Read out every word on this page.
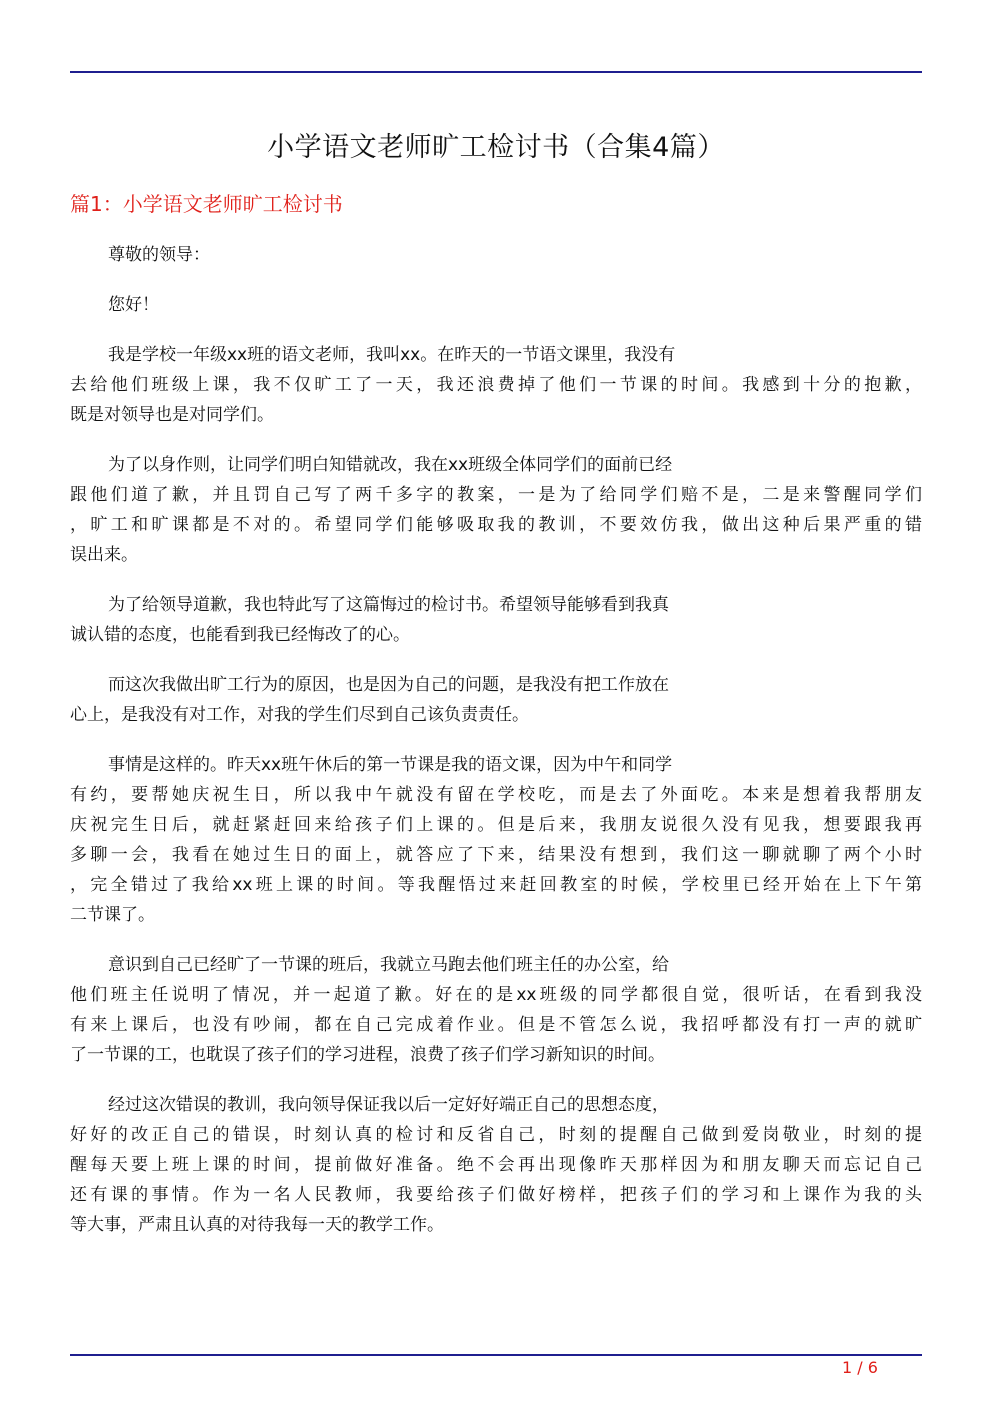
小学语文老师旷工检讨书（合集4篇）
篇1：小学语文老师旷工检讨书
尊敬的领导：
您好！
我是学校一年级xx班的语文老师，我叫xx。在昨天的一节语文课里，我没有
去给他们班级上课，我不仅旷工了一天，我还浪费掉了他们一节课的时间。我感到十分的抱歉，
既是对领导也是对同学们。
为了以身作则，让同学们明白知错就改，我在xx班级全体同学们的面前已经
跟他们道了歉，并且罚自己写了两千多字的教案，一是为了给同学们赔不是，二是来警醒同学们
，旷工和旷课都是不对的。希望同学们能够吸取我的教训，不要效仿我，做出这种后果严重的错
误出来。
为了给领导道歉，我也特此写了这篇悔过的检讨书。希望领导能够看到我真
诚认错的态度，也能看到我已经悔改了的心。
而这次我做出旷工行为的原因，也是因为自己的问题，是我没有把工作放在
心上，是我没有对工作，对我的学生们尽到自己该负责责任。
事情是这样的。昨天xx班午休后的第一节课是我的语文课，因为中午和同学
有约，要帮她庆祝生日，所以我中午就没有留在学校吃，而是去了外面吃。本来是想着我帮朋友
庆祝完生日后，就赶紧赶回来给孩子们上课的。但是后来，我朋友说很久没有见我，想要跟我再
多聊一会，我看在她过生日的面上，就答应了下来，结果没有想到，我们这一聊就聊了两个小时
，完全错过了我给xx班上课的时间。等我醒悟过来赶回教室的时候，学校里已经开始在上下午第
二节课了。
意识到自己已经旷了一节课的班后，我就立马跑去他们班主任的办公室，给
他们班主任说明了情况，并一起道了歉。好在的是xx班级的同学都很自觉，很听话，在看到我没
有来上课后，也没有吵闹，都在自己完成着作业。但是不管怎么说，我招呼都没有打一声的就旷
了一节课的工，也耽误了孩子们的学习进程，浪费了孩子们学习新知识的时间。
经过这次错误的教训，我向领导保证我以后一定好好端正自己的思想态度，
好好的改正自己的错误，时刻认真的检讨和反省自己，时刻的提醒自己做到爱岗敬业，时刻的提
醒每天要上班上课的时间，提前做好准备。绝不会再出现像昨天那样因为和朋友聊天而忘记自己
还有课的事情。作为一名人民教师，我要给孩子们做好榜样，把孩子们的学习和上课作为我的头
等大事，严肃且认真的对待我每一天的教学工作。
1 / 6
